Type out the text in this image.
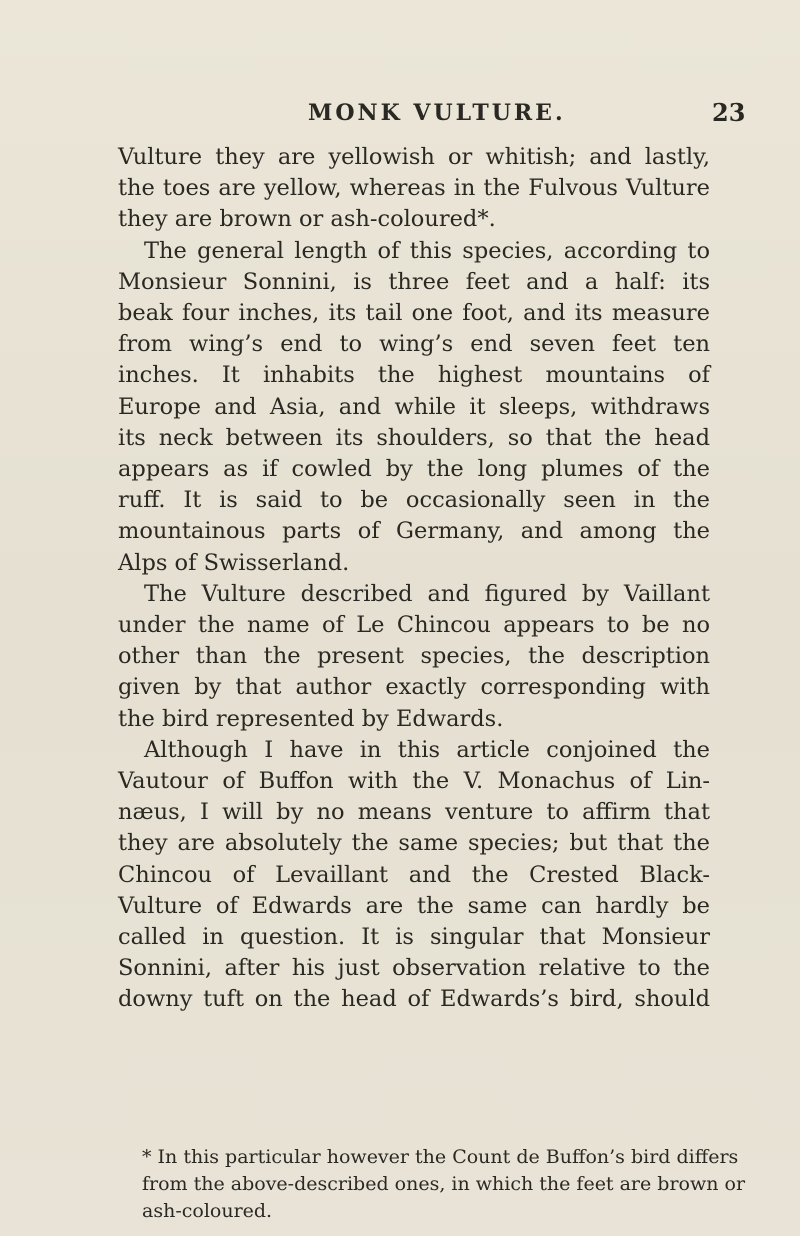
MONK VULTURE.	23
Vulture they are yellowish or whitish; and lastly,
the toes are yellow, whereas in the Fulvous Vulture
they are brown or ash-coloured*.
The general length of this species, according to
Monsieur Sonnini, is three feet and a half: its
beak four inches, its tail one foot, and its measure
from wing’s end to wing’s end seven feet ten
inches. It inhabits the highest mountains of
Europe and Asia, and while it sleeps, withdraws
its neck between its shoulders, so that the head
appears as if cowled by the long plumes of the
ruff. It is said to be occasionally seen in the
mountainous parts of Germany, and among the
Alps of Swisserland.
The Vulture described and figured by Vaillant
under the name of Le Chincou appears to be no
other than the present species, the description
given by that author exactly corresponding with
the bird represented by Edwards.
Although I have in this article conjoined the
Vautour of Buffon with the V. Monachus of Lin-
næus, I will by no means venture to affirm that
they are absolutely the same species; but that the
Chincou of Levaillant and the Crested Black-
Vulture of Edwards are the same can hardly be
called in question. It is singular that Monsieur
Sonnini, after his just observation relative to the
downy tuft on the head of Edwards’s bird, should
* In this particular however the Count de Buffon’s bird differs
from the above-described ones, in which the feet are brown or
ash-coloured.
